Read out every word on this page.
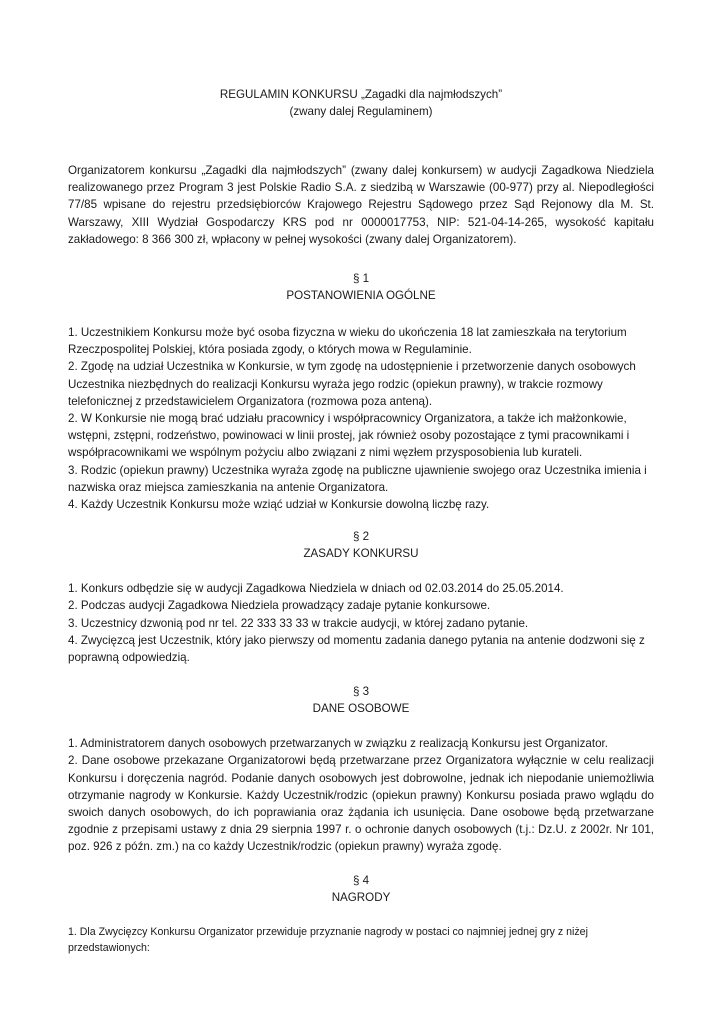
REGULAMIN KONKURSU „Zagadki dla najmłodszych”
(zwany dalej Regulaminem)
Organizatorem konkursu „Zagadki dla najmłodszych” (zwany dalej konkursem) w audycji Zagadkowa Niedziela realizowanego przez Program 3 jest Polskie Radio S.A. z siedzibą w Warszawie (00-977) przy al. Niepodległości 77/85 wpisane do rejestru przedsiębiorców Krajowego Rejestru Sądowego przez Sąd Rejonowy dla M. St. Warszawy, XIII Wydział Gospodarczy KRS pod nr 0000017753, NIP: 521-04-14-265, wysokość kapitału zakładowego: 8 366 300 zł, wpłacony w pełnej wysokości (zwany dalej Organizatorem).
§ 1
POSTANOWIENIA OGÓLNE

1. Uczestnikiem Konkursu może być osoba fizyczna w wieku do ukończenia 18 lat zamieszkała na terytorium Rzeczpospolitej Polskiej, która posiada zgody, o których mowa w Regulaminie.

2. Zgodę na udział Uczestnika w Konkursie, w tym zgodę na udostępnienie i przetworzenie danych osobowych Uczestnika niezbędnych do realizacji Konkursu wyraża jego rodzic (opiekun prawny), w trakcie rozmowy telefonicznej z przedstawicielem Organizatora (rozmowa poza anteną).

2. W Konkursie nie mogą brać udziału pracownicy i współpracownicy Organizatora, a także ich małżonkowie, wstępni, zstępni, rodzeństwo, powinowaci w linii prostej, jak również osoby pozostające z tymi pracownikami i współpracownikami we wspólnym pożyciu albo związani z nimi węzłem przysposobienia lub kurateli.

3. Rodzic (opiekun prawny) Uczestnika wyraża zgodę na publiczne ujawnienie swojego oraz Uczestnika imienia i nazwiska oraz miejsca zamieszkania na antenie Organizatora.

4. Każdy Uczestnik Konkursu może wziąć udział w Konkursie dowolną liczbę razy.

§ 2
ZASADY KONKURSU

1. Konkurs odbędzie się w audycji Zagadkowa Niedziela w dniach od 02.03.2014 do 25.05.2014.

2. Podczas audycji Zagadkowa Niedziela prowadzący zadaje pytanie konkursowe.

3. Uczestnicy dzwonią pod nr tel. 22 333 33 33 w trakcie audycji, w której zadano pytanie.

4. Zwycięzcą jest Uczestnik, który jako pierwszy od momentu zadania danego pytania na antenie dodzwoni się z poprawną odpowiedzią.

§ 3
DANE OSOBOWE

1. Administratorem danych osobowych przetwarzanych w związku z realizacją Konkursu jest Organizator.

2. Dane osobowe przekazane Organizatorowi będą przetwarzane przez Organizatora wyłącznie w celu realizacji Konkursu i doręczenia nagród. Podanie danych osobowych jest dobrowolne, jednak ich niepodanie uniemożliwia otrzymanie nagrody w Konkursie. Każdy Uczestnik/rodzic (opiekun prawny) Konkursu posiada prawo wglądu do swoich danych osobowych, do ich poprawiania oraz żądania ich usunięcia. Dane osobowe będą przetwarzane zgodnie z przepisami ustawy z dnia 29 sierpnia 1997 r. o ochronie danych osobowych (t.j.: Dz.U. z 2002r. Nr 101, poz. 926 z późn. zm.) na co każdy Uczestnik/rodzic (opiekun prawny) wyraża zgodę.

§ 4
NAGRODY

1. Dla Zwycięzcy Konkursu Organizator przewiduje przyznanie nagrody w postaci co najmniej jednej gry z niżej przedstawionych:
